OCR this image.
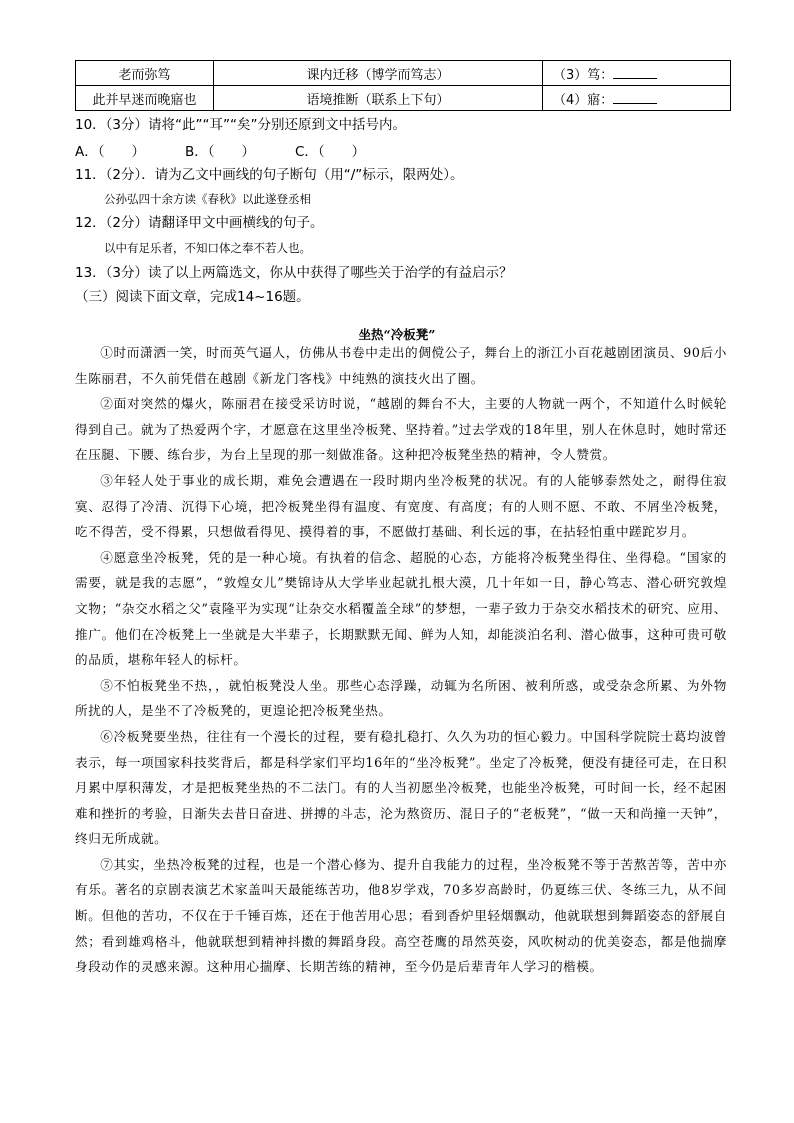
老而弥笃	课内迁移（博学而笃志）	（3）笃：
此并早迷而晚寤也	语境推断（联系上下句）	（4）寤：
10．（3分）请将“此”“耳”“矣”分别还原到文中括号内。
A．（　　）	B．（　　）	C．（　　）
11．（2分）．请为乙文中画线的句子断句（用“/”标示，限两处）。
公孙弘四十余方读《春秋》以此遂登丞相
12．（2分）请翻译甲文中画横线的句子。
以中有足乐者，不知口体之奉不若人也。
13．（3分）读了以上两篇选文，你从中获得了哪些关于治学的有益启示？
（三）阅读下面文章，完成14~16题。
坐热“冷板凳”

①时而潇洒一笑，时而英气逼人，仿佛从书卷中走出的倜傥公子，舞台上的浙江小百花越剧团演员、90后小生陈丽君，不久前凭借在越剧《新龙门客栈》中纯熟的演技火出了圈。

②面对突然的爆火，陈丽君在接受采访时说，“越剧的舞台不大，主要的人物就一两个，不知道什么时候轮得到自己。就为了热爱两个字，才愿意在这里坐冷板凳、坚持着。”过去学戏的18年里，别人在休息时，她时常还在压腿、下腰、练台步，为台上呈现的那一刻做准备。这种把冷板凳坐热的精神，令人赞赏。

③年轻人处于事业的成长期，难免会遭遇在一段时期内坐冷板凳的状况。有的人能够泰然处之，耐得住寂寞、忍得了冷清、沉得下心境，把冷板凳坐得有温度、有宽度、有高度；有的人则不愿、不敢、不屑坐冷板凳，吃不得苦，受不得累，只想做看得见、摸得着的事，不愿做打基础、利长远的事，在拈轻怕重中蹉跎岁月。

④愿意坐冷板凳，凭的是一种心境。有执着的信念、超脱的心态，方能将冷板凳坐得住、坐得稳。“国家的需要，就是我的志愿”，“敦煌女儿”樊锦诗从大学毕业起就扎根大漠，几十年如一日，静心笃志、潜心研究敦煌文物；“杂交水稻之父”袁隆平为实现“让杂交水稻覆盖全球”的梦想，一辈子致力于杂交水稻技术的研究、应用、推广。他们在冷板凳上一坐就是大半辈子，长期默默无闻、鲜为人知，却能淡泊名利、潜心做事，这种可贵可敬的品质，堪称年轻人的标杆。

⑤不怕板凳坐不热，，就怕板凳没人坐。那些心态浮躁，动辄为名所困、被利所惑，或受杂念所累、为外物所扰的人，是坐不了冷板凳的，更遑论把冷板凳坐热。

⑥冷板凳要坐热，往往有一个漫长的过程，要有稳扎稳打、久久为功的恒心毅力。中国科学院院士葛均波曾表示，每一项国家科技奖背后，都是科学家们平均16年的“坐冷板凳”。坐定了冷板凳，便没有捷径可走，在日积月累中厚积薄发，才是把板凳坐热的不二法门。有的人当初愿坐冷板凳，也能坐冷板凳，可时间一长，经不起困难和挫折的考验，日渐失去昔日奋进、拼搏的斗志，沦为熬资历、混日子的“老板凳”，“做一天和尚撞一天钟”，终归无所成就。

⑦其实，坐热冷板凳的过程，也是一个潜心修为、提升自我能力的过程，坐冷板凳不等于苦熬苦等，苦中亦有乐。著名的京剧表演艺术家盖叫天最能练苦功，他8岁学戏，70多岁高龄时，仍夏练三伏、冬练三九，从不间断。但他的苦功，不仅在于千锤百炼，还在于他苦用心思；看到香炉里轻烟飘动，他就联想到舞蹈姿态的舒展自然；看到雄鸡格斗，他就联想到精神抖擞的舞蹈身段。高空苍鹰的昂然英姿，风吹树动的优美姿态，都是他揣摩身段动作的灵感来源。这种用心揣摩、长期苦练的精神，至今仍是后辈青年人学习的楷模。
